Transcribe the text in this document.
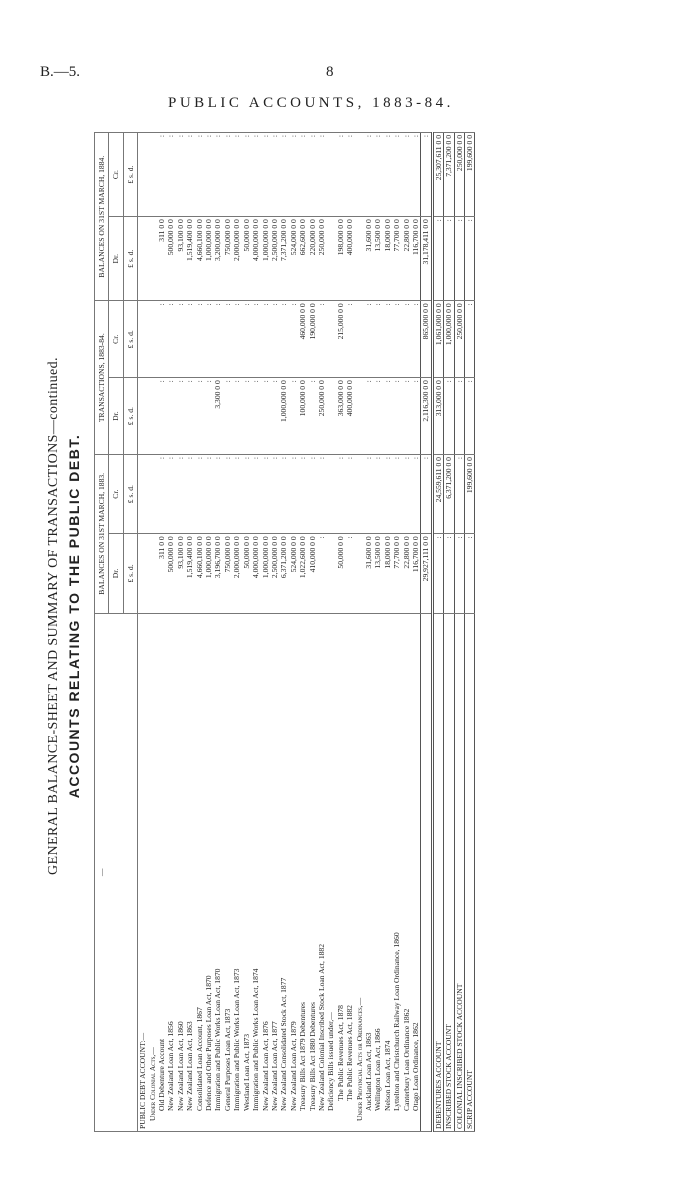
B.—5.	8
PUBLIC ACCOUNTS, 1883-84.
GENERAL BALANCE-SHEET AND SUMMARY OF TRANSACTIONS—continued. ACCOUNTS RELATING TO THE PUBLIC DEBT.
—	BALANCES ON 31ST MARCH, 1883.		TRANSACTIONS, 1883-84.		BALANCES ON 31ST MARCH, 1884.	
	Dr.	Cr.	Dr.	Cr.	Dr.	Cr.
	£ s. d.	£ s. d.	£ s. d.	£ s. d.	£ s. d.	£ s. d.
PUBLIC DEBT ACCOUNT:—						
Under Colonial Acts,—						
Old Debenture Account	311 0 0	:	:	:	311 0 0	:
New Zealand Loan Act, 1856	500,000 0 0	:	:	:	500,000 0 0	:
New Zealand Loan Act, 1860	93,100 0 0	:	:	:	93,100 0 0	:
New Zealand Loan Act, 1863	1,519,400 0 0	:	:	:	1,519,400 0 0	:
Consolidated Loan Account, 1867	4,660,100 0 0	:	:	:	4,660,100 0 0	:
Defence and Other Purposes Loan Act, 1870	1,000,000 0 0	:	:	:	1,000,000 0 0	:
Immigration and Public Works Loan Act, 1870	3,196,700 0 0	:	3,300 0 0	:	3,200,000 0 0	:
General Purposes Loan Act, 1873	750,000 0 0	:	:	:	750,000 0 0	:
Immigration and Public Works Loan Act, 1873	2,000,000 0 0	:	:	:	2,000,000 0 0	:
Westland Loan Act, 1873	50,000 0 0	:	:	:	50,000 0 0	:
Immigration and Public Works Loan Act, 1874	4,000,000 0 0	:	:	:	4,000,000 0 0	:
New Zealand Loan Act, 1876	1,000,000 0 0	:	:	:	1,000,000 0 0	:
New Zealand Loan Act, 1877	2,500,000 0 0	:	:	:	2,500,000 0 0	:
New Zealand Consolidated Stock Act, 1877	6,371,200 0 0	:	1,000,000 0 0	:	7,371,200 0 0	:
New Zealand Loan Act, 1879	524,000 0 0	:	:	:	524,000 0 0	:
Treasury Bills Act 1879 Debentures	1,022,600 0 0	:	100,000 0 0	460,000 0 0	662,600 0 0	:
Treasury Bills Act 1880 Debentures	410,000 0 0	:	:	190,000 0 0	220,000 0 0	:
New Zealand Colonial Inscribed Stock Loan Act, 1882	:	:	250,000 0 0	:	250,000 0 0	:
Deficiency Bills issued under,—						
The Public Revenues Act, 1878	50,000 0 0	:	363,000 0 0	215,000 0 0	198,000 0 0	:
The Public Revenues Act, 1882	:	:	400,000 0 0	:	400,000 0 0	:
Under Provincial Acts or Ordinances,—						
Auckland Loan Act, 1863	31,600 0 0	:	:	:	31,600 0 0	:
Wellington Loan Act, 1866	13,500 0 0	:	:	:	13,500 0 0	:
Nelson Loan Act, 1874	18,000 0 0	:	:	:	18,000 0 0	:
Lyttelton and Christchurch Railway Loan Ordinance, 1860	77,700 0 0	:	:	:	77,700 0 0	:
Canterbury Loan Ordinance 1862	22,800 0 0	:	:	:	22,800 0 0	:
Otago Loan Ordinance, 1862	116,700 0 0	:	:	:	116,700 0 0	:
	29,927,111 0 0	:	2,116,300 0 0	865,000 0 0	31,178,411 0 0	:
DEBENTURES ACCOUNT	:	24,559,611 0 0	313,000 0 0	1,061,000 0 0	:	25,307,611 0 0
INSCRIBED STOCK ACCOUNT	:	6,371,200 0 0	:	1,000,000 0 0	:	7,371,200 0 0
COLONIAL INSCRIBED STOCK ACCOUNT	:	:	:	250,000 0 0	:	250,000 0 0
SCRIP ACCOUNT	:	199,600 0 0	:	:	:	199,600 0 0
